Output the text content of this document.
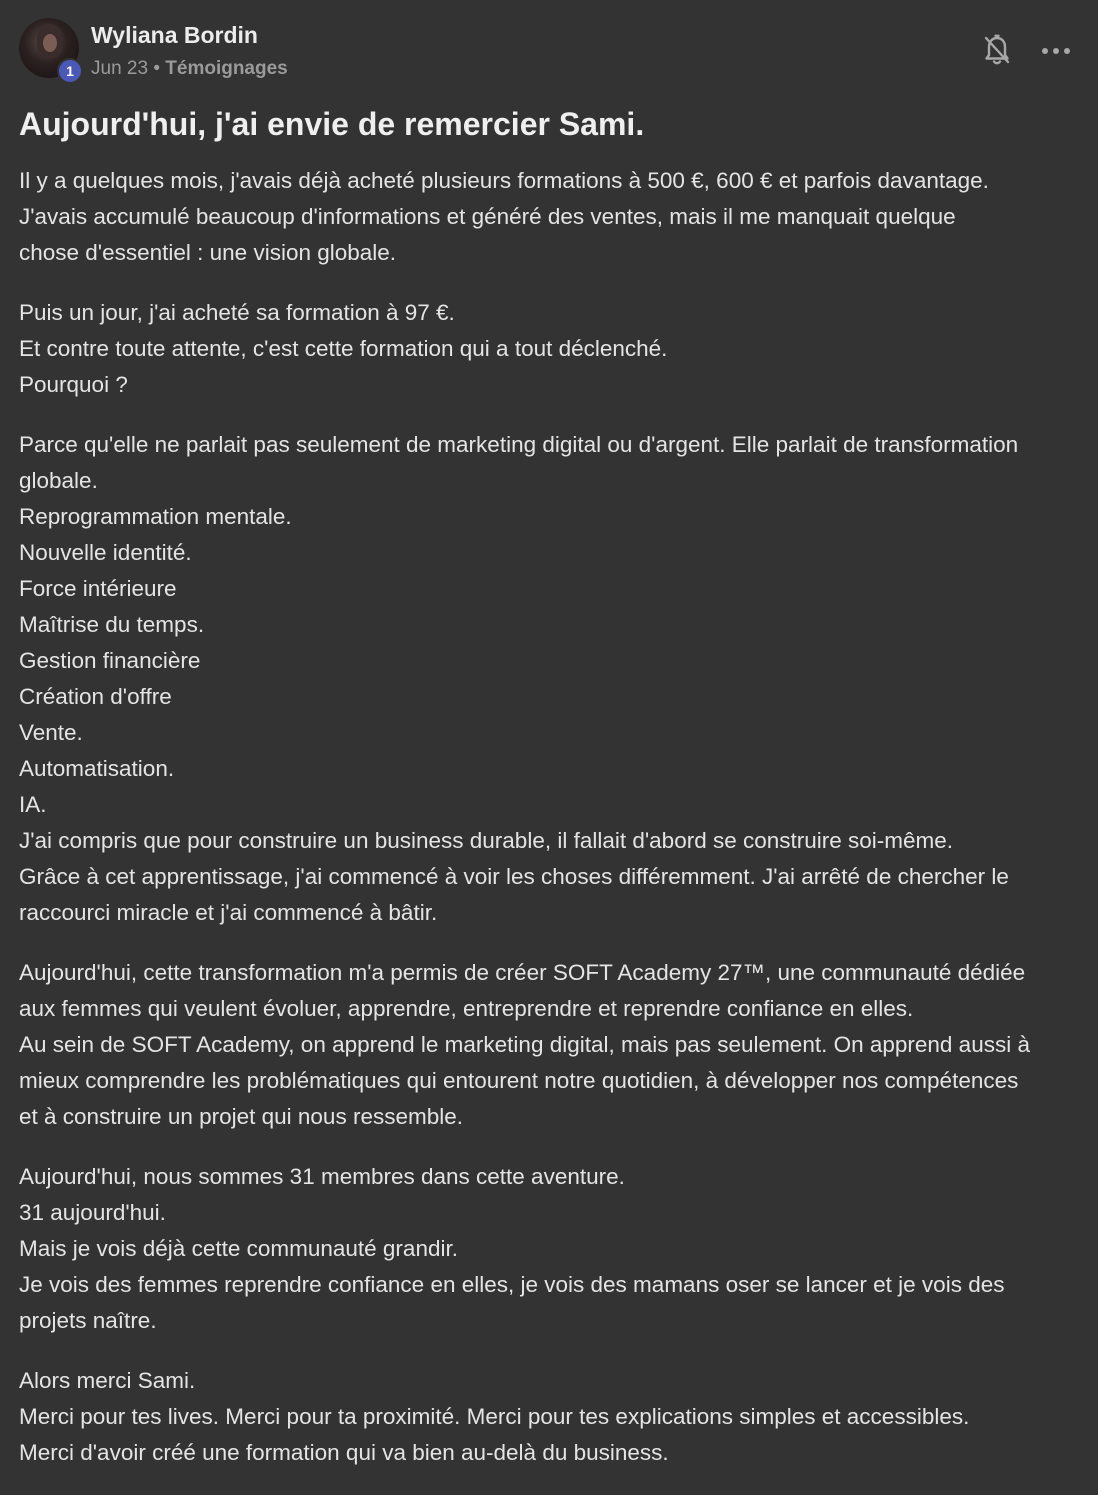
1
Wyliana Bordin
Jun 23 • Témoignages
Aujourd'hui, j'ai envie de remercier Sami.
Il y a quelques mois, j'avais déjà acheté plusieurs formations à 500 €, 600 € et parfois davantage.
J'avais accumulé beaucoup d'informations et généré des ventes, mais il me manquait quelque
chose d'essentiel : une vision globale.
Puis un jour, j'ai acheté sa formation à 97 €.
Et contre toute attente, c'est cette formation qui a tout déclenché.
Pourquoi ?
Parce qu'elle ne parlait pas seulement de marketing digital ou d'argent. Elle parlait de transformation
globale.
Reprogrammation mentale.
Nouvelle identité.
Force intérieure
Maîtrise du temps.
Gestion financière
Création d'offre
Vente.
Automatisation.
IA.
J'ai compris que pour construire un business durable, il fallait d'abord se construire soi-même.
Grâce à cet apprentissage, j'ai commencé à voir les choses différemment. J'ai arrêté de chercher le
raccourci miracle et j'ai commencé à bâtir.
Aujourd'hui, cette transformation m'a permis de créer SOFT Academy 27™, une communauté dédiée
aux femmes qui veulent évoluer, apprendre, entreprendre et reprendre confiance en elles.
Au sein de SOFT Academy, on apprend le marketing digital, mais pas seulement. On apprend aussi à
mieux comprendre les problématiques qui entourent notre quotidien, à développer nos compétences
et à construire un projet qui nous ressemble.
Aujourd'hui, nous sommes 31 membres dans cette aventure.
31 aujourd'hui.
Mais je vois déjà cette communauté grandir.
Je vois des femmes reprendre confiance en elles, je vois des mamans oser se lancer et je vois des
projets naître.
Alors merci Sami.
Merci pour tes lives. Merci pour ta proximité. Merci pour tes explications simples et accessibles.
Merci d'avoir créé une formation qui va bien au-delà du business.
